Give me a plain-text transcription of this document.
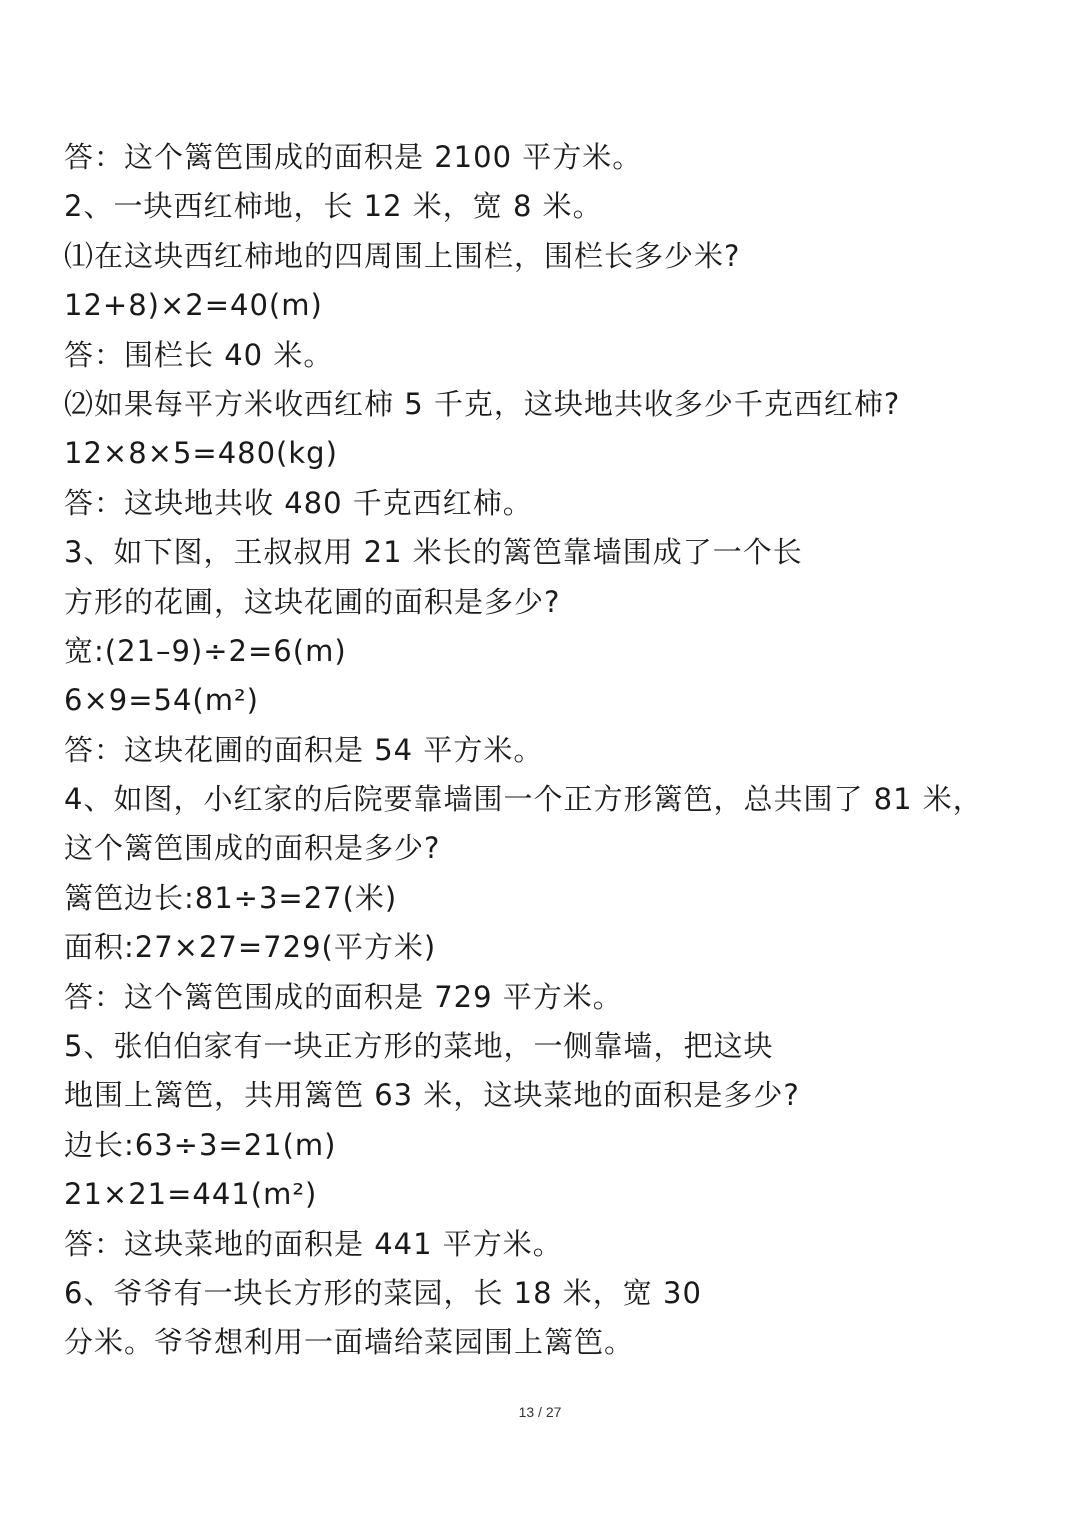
答：这个篱笆围成的面积是 2100 平方米。
2、一块西红柿地，长 12 米，宽 8 米。
⑴在这块西红柿地的四周围上围栏，围栏长多少米?
12+8)×2=40(m)
答：围栏长 40 米。
⑵如果每平方米收西红柿 5 千克，这块地共收多少千克西红柿?
12×8×5=480(kg)
答：这块地共收 480 千克西红柿。
3、如下图，王叔叔用 21 米长的篱笆靠墙围成了一个长
方形的花圃，这块花圃的面积是多少?
宽:(21–9)÷2=6(m)
6×9=54(m²)
答：这块花圃的面积是 54 平方米。
4、如图，小红家的后院要靠墙围一个正方形篱笆，总共围了 81 米，
这个篱笆围成的面积是多少?
篱笆边长:81÷3=27(米)
面积:27×27=729(平方米)
答：这个篱笆围成的面积是 729 平方米。
5、张伯伯家有一块正方形的菜地，一侧靠墙，把这块
地围上篱笆，共用篱笆 63 米，这块菜地的面积是多少?
边长:63÷3=21(m)
21×21=441(m²)
答：这块菜地的面积是 441 平方米。
6、爷爷有一块长方形的菜园，长 18 米，宽 30
分米。爷爷想利用一面墙给菜园围上篱笆。
13 / 27
